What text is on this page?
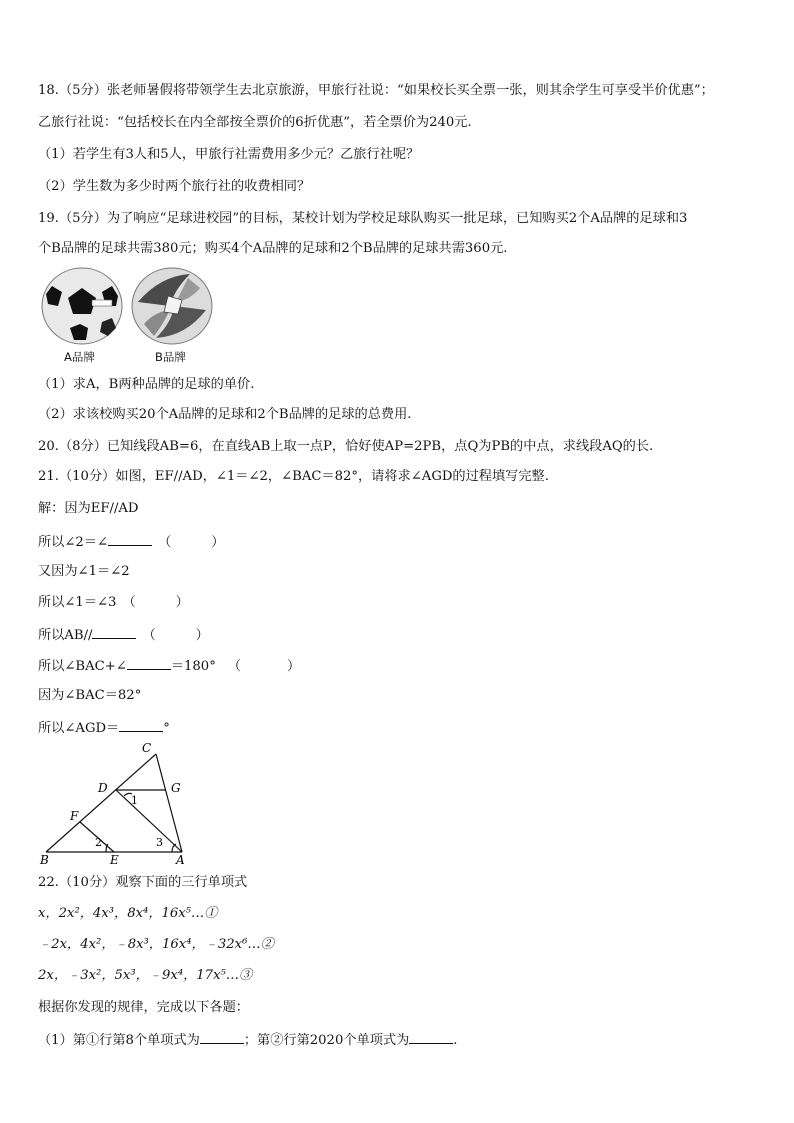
18.（5分）张老师暑假将带领学生去北京旅游，甲旅行社说：“如果校长买全票一张，则其余学生可享受半价优惠”；
乙旅行社说：“包括校长在内全部按全票价的6折优惠”，若全票价为240元.
（1）若学生有3人和5人，甲旅行社需费用多少元？乙旅行社呢？
（2）学生数为多少时两个旅行社的收费相同？
19.（5分）为了响应“足球进校园”的目标，某校计划为学校足球队购买一批足球，已知购买2个A品牌的足球和3
个B品牌的足球共需380元；购买4个A品牌的足球和2个B品牌的足球共需360元.
A品牌	B品牌
（1）求A，B两种品牌的足球的单价.
（2）求该校购买20个A品牌的足球和2个B品牌的足球的总费用.
20.（8分）已知线段AB=6，在直线AB上取一点P，恰好使AP=2PB，点Q为PB的中点，求线段AQ的长.
21.（10分）如图，EF//AD，∠1＝∠2，∠BAC＝82°，请将求∠AGD的过程填写完整.
解：因为EF//AD
所以∠2＝∠	（	）
又因为∠1＝∠2
所以∠1＝∠3 （	）
所以AB//	（	）
所以∠BAC+∠	＝180° （	）
因为∠BAC＝82°
所以∠AGD＝	°
C
D	G
F
B	E	A
1
2	3
22.（10分）观察下面的三行单项式
x，2x²，4x³，8x⁴，16x⁵…①
﹣2x，4x²，﹣8x³，16x⁴，﹣32x⁶…②
2x，﹣3x²，5x³，﹣9x⁴，17x⁵…③
根据你发现的规律，完成以下各题：
（1）第①行第8个单项式为	；第②行第2020个单项式为	.
